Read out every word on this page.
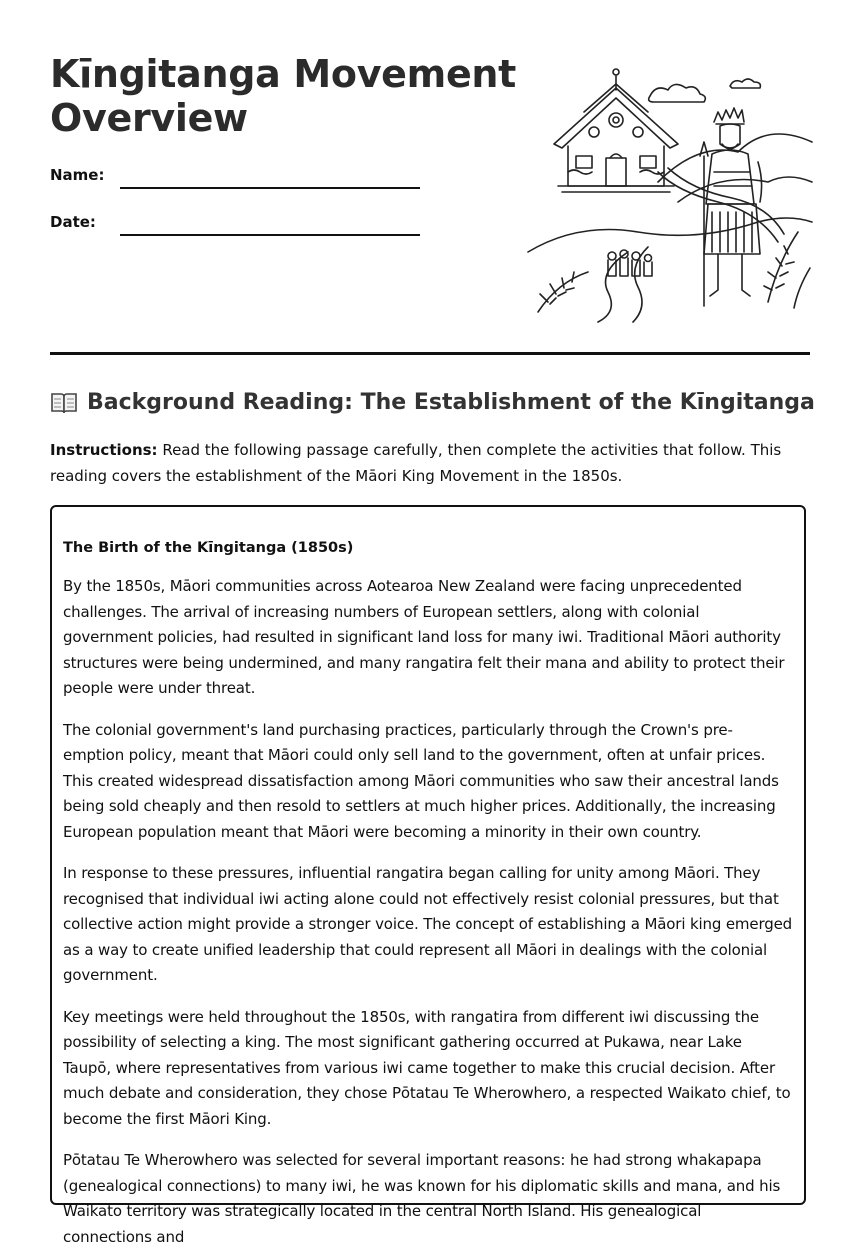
Kīngitanga Movement
Overview
Name:
Date:
Background Reading: The Establishment of the Kīngitanga

Instructions: Read the following passage carefully, then complete the activities that follow. This reading covers the establishment of the Māori King Movement in the 1850s.

The Birth of the Kīngitanga (1850s)

By the 1850s, Māori communities across Aotearoa New Zealand were facing unprecedented challenges. The arrival of increasing numbers of European settlers, along with colonial government policies, had resulted in significant land loss for many iwi. Traditional Māori authority structures were being undermined, and many rangatira felt their mana and ability to protect their people were under threat.

The colonial government's land purchasing practices, particularly through the Crown's pre-emption policy, meant that Māori could only sell land to the government, often at unfair prices. This created widespread dissatisfaction among Māori communities who saw their ancestral lands being sold cheaply and then resold to settlers at much higher prices. Additionally, the increasing European population meant that Māori were becoming a minority in their own country.

In response to these pressures, influential rangatira began calling for unity among Māori. They recognised that individual iwi acting alone could not effectively resist colonial pressures, but that collective action might provide a stronger voice. The concept of establishing a Māori king emerged as a way to create unified leadership that could represent all Māori in dealings with the colonial government.

Key meetings were held throughout the 1850s, with rangatira from different iwi discussing the possibility of selecting a king. The most significant gathering occurred at Pukawa, near Lake Taupō, where representatives from various iwi came together to make this crucial decision. After much debate and consideration, they chose Pōtatau Te Wherowhero, a respected Waikato chief, to become the first Māori King.

Pōtatau Te Wherowhero was selected for several important reasons: he had strong whakapapa (genealogical connections) to many iwi, he was known for his diplomatic skills and mana, and his Waikato territory was strategically located in the central North Island. His genealogical connections and
